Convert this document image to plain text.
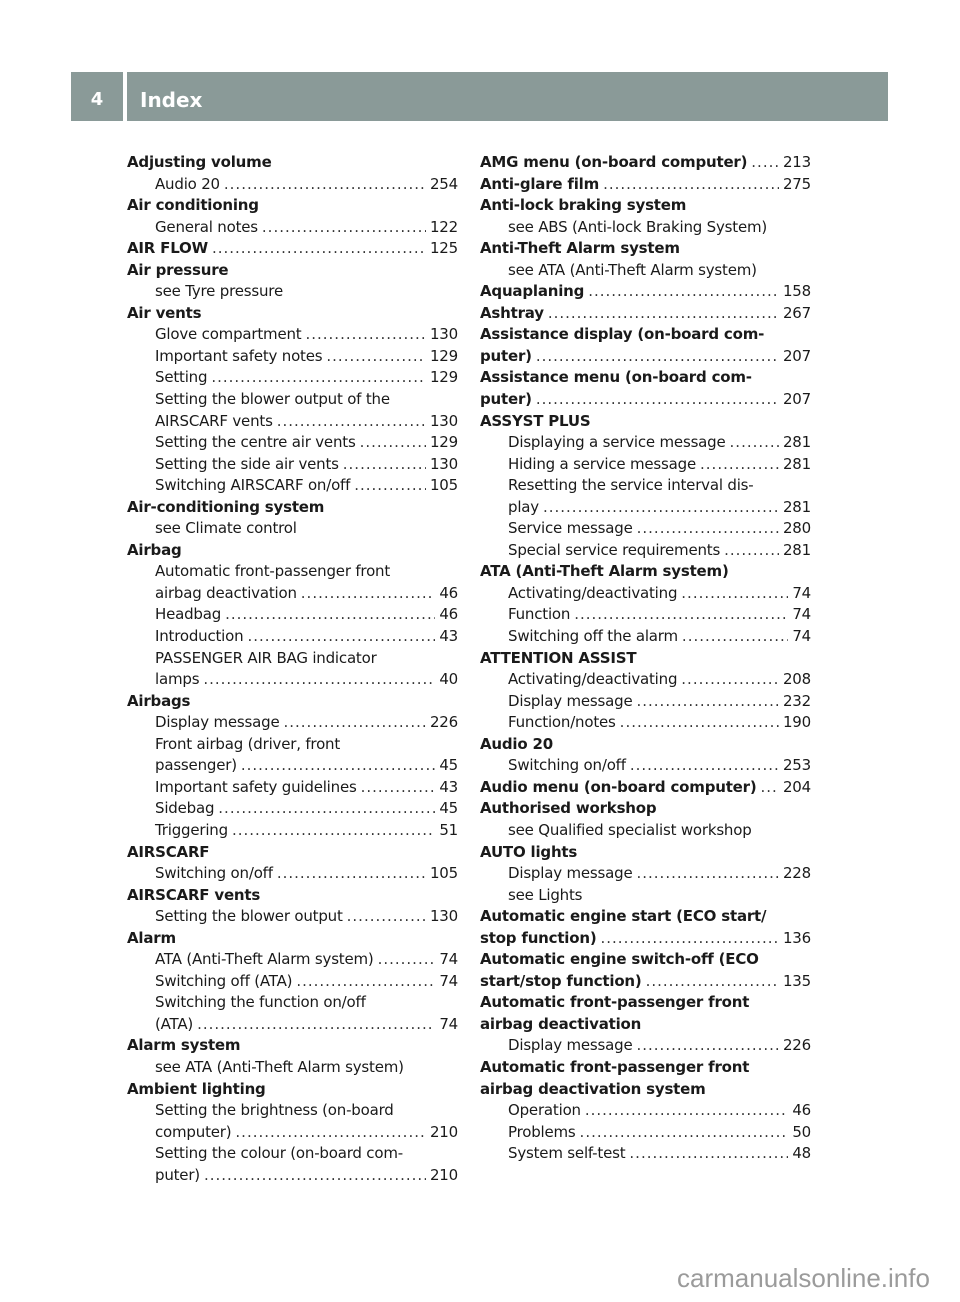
4	Index
Adjusting volume
Audio 20 .....	254
Air conditioning
General notes .....	122
AIR FLOW .....	125
Air pressure
see Tyre pressure
Air vents
Glove compartment .....	130
Important safety notes .....	129
Setting .....	129
Setting the blower output of the
AIRSCARF vents .....	130
Setting the centre air vents .....	129
Setting the side air vents .....	130
Switching AIRSCARF on/off .....	105
Air-conditioning system
see Climate control
Airbag
Automatic front-passenger front
airbag deactivation .....	46
Headbag .....	46
Introduction .....	43
PASSENGER AIR BAG indicator
lamps .....	40
Airbags
Display message .....	226
Front airbag (driver, front
passenger) .....	45
Important safety guidelines .....	43
Sidebag .....	45
Triggering .....	51
AIRSCARF
Switching on/off .....	105
AIRSCARF vents
Setting the blower output .....	130
Alarm
ATA (Anti-Theft Alarm system) .....	74
Switching off (ATA) .....	74
Switching the function on/off
(ATA) .....	74
Alarm system
see ATA (Anti-Theft Alarm system)
Ambient lighting
Setting the brightness (on-board
computer) .....	210
Setting the colour (on-board com-
puter) .....	210
AMG menu (on-board computer) ..... 213
Anti-glare film .....	275
Anti-lock braking system
see ABS (Anti-lock Braking System)
Anti-Theft Alarm system
see ATA (Anti-Theft Alarm system)
Aquaplaning .....	158
Ashtray .....	267
Assistance display (on-board com-
puter) .....	207
Assistance menu (on-board com-
puter) .....	207
ASSYST PLUS
Displaying a service message .....	281
Hiding a service message .....	281
Resetting the service interval dis-
play .....	281
Service message .....	280
Special service requirements .....	281
ATA (Anti-Theft Alarm system)
Activating/deactivating .....	74
Function .....	74
Switching off the alarm .....	74
ATTENTION ASSIST
Activating/deactivating .....	208
Display message .....	232
Function/notes .....	190
Audio 20
Switching on/off .....	253
Audio menu (on-board computer) ..... 204
Authorised workshop
see Qualified specialist workshop
AUTO lights
Display message .....	228
see Lights
Automatic engine start (ECO start/
stop function) .....	136
Automatic engine switch-off (ECO
start/stop function) .....	135
Automatic front-passenger front
airbag deactivation
Display message .....	226
Automatic front-passenger front
airbag deactivation system
Operation .....	46
Problems .....	50
System self-test .....	48
carmanualsonline.info
